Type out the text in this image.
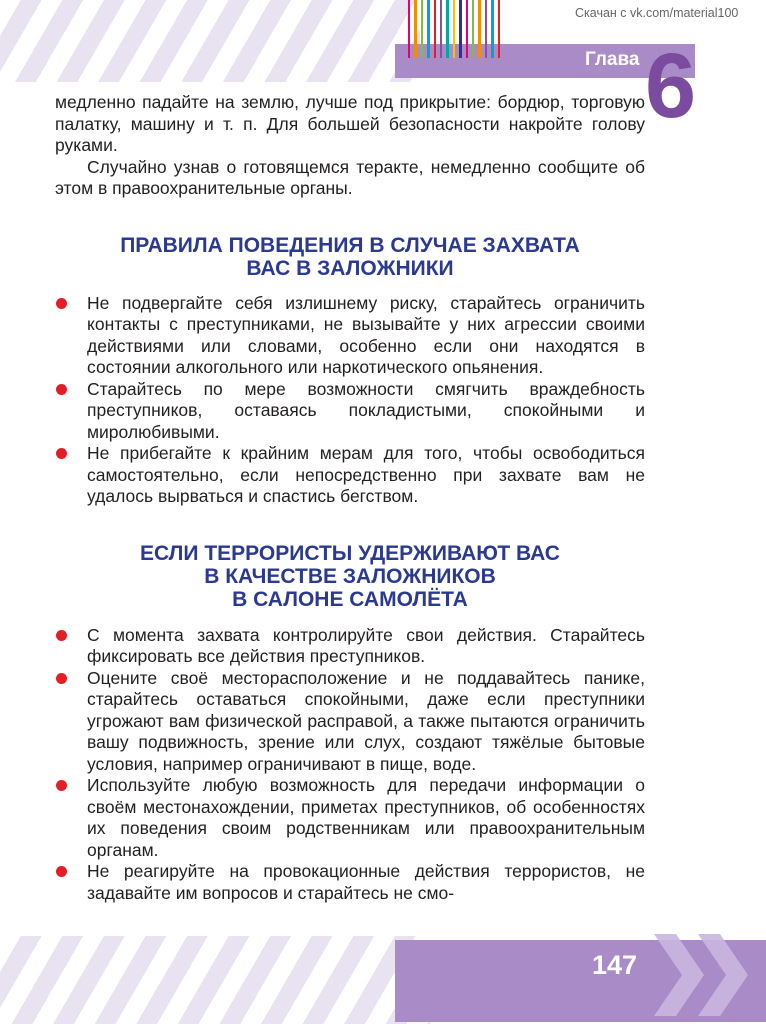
Скачан с vk.com/material100
Глава 6

медленно падайте на землю, лучше под прикрытие: бордюр, торговую палатку, машину и т. п. Для большей безопасности накройте голову руками.

Случайно узнав о готовящемся теракте, немедленно сообщите об этом в правоохранительные органы.

ПРАВИЛА ПОВЕДЕНИЯ В СЛУЧАЕ ЗАХВАТА
ВАС В ЗАЛОЖНИКИ
Не подвергайте себя излишнему риску, старайтесь ограничить контакты с преступниками, не вызывайте у них агрессии своими действиями или словами, особенно если они находятся в состоянии алкогольного или наркотического опьянения.
Старайтесь по мере возможности смягчить враждебность преступников, оставаясь покладистыми, спокойными и миролюбивыми.
Не прибегайте к крайним мерам для того, чтобы освободиться самостоятельно, если непосредственно при захвате вам не удалось вырваться и спастись бегством.
ЕСЛИ ТЕРРОРИСТЫ УДЕРЖИВАЮТ ВАС
В КАЧЕСТВЕ ЗАЛОЖНИКОВ
В САЛОНЕ САМОЛЁТА
С момента захвата контролируйте свои действия. Старайтесь фиксировать все действия преступников.
Оцените своё месторасположение и не поддавайтесь панике, старайтесь оставаться спокойными, даже если преступники угрожают вам физической расправой, а также пытаются ограничить вашу подвижность, зрение или слух, создают тяжёлые бытовые условия, например ограничивают в пище, воде.
Используйте любую возможность для передачи информации о своём местонахождении, приметах преступников, об особенностях их поведения своим родственникам или правоохранительным органам.
Не реагируйте на провокационные действия террористов, не задавайте им вопросов и старайтесь не смо-
147
